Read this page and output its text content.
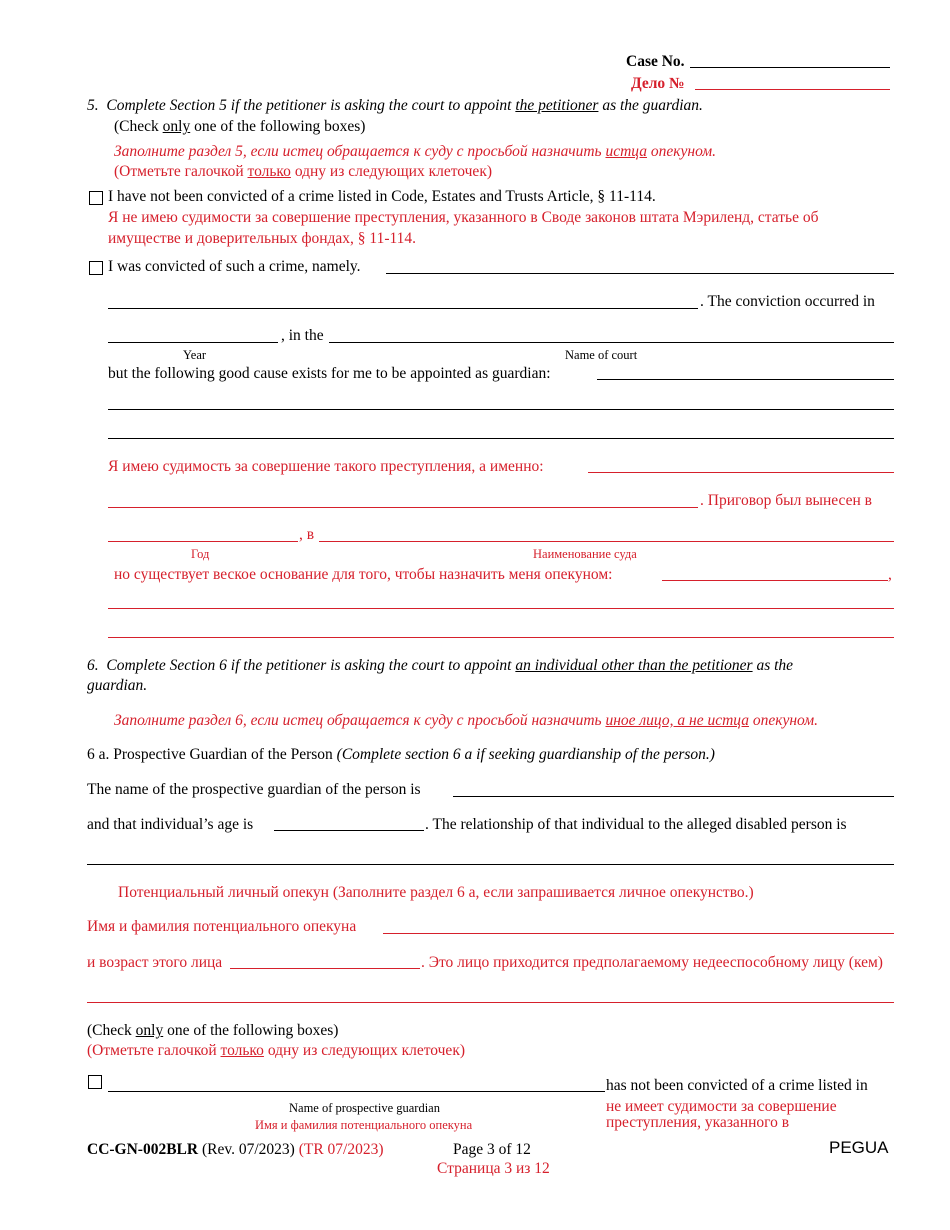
Case No.
Дело №
5. Complete Section 5 if the petitioner is asking the court to appoint the petitioner as the guardian.
(Check only one of the following boxes)
Заполните раздел 5, если истец обращается к суду с просьбой назначить истца опекуном.
(Отметьте галочкой только одну из следующих клеточек)
I have not been convicted of a crime listed in Code, Estates and Trusts Article, § 11-114.
Я не имею судимости за совершение преступления, указанного в Своде законов штата Мэриленд, статье об
имуществе и доверительных фондах, § 11-114.
I was convicted of such a crime, namely.
. The conviction occurred in
, in the
Year	Name of court
but the following good cause exists for me to be appointed as guardian:
Я имею судимость за совершение такого преступления, а именно:
. Приговор был вынесен в
, в
Год	Наименование суда
но существует веское основание для того, чтобы назначить меня опекуном:	,
6. Complete Section 6 if the petitioner is asking the court to appoint an individual other than the petitioner as the
guardian.
Заполните раздел 6, если истец обращается к суду с просьбой назначить иное лицо, а не истца опекуном.
6 a. Prospective Guardian of the Person (Complete section 6 a if seeking guardianship of the person.)
The name of the prospective guardian of the person is
and that individual’s age is	. The relationship of that individual to the alleged disabled person is
Потенциальный личный опекун (Заполните раздел 6 а, если запрашивается личное опекунство.)
Имя и фамилия потенциального опекуна
и возраст этого лица	. Это лицо приходится предполагаемому недееспособному лицу (кем)
(Check only one of the following boxes)
(Отметьте галочкой только одну из следующих клеточек)
has not been convicted of a crime listed in
Name of prospective guardian
Имя и фамилия потенциального опекуна
не имеет судимости за совершение
преступления, указанного в
CC-GN-002BLR (Rev. 07/2023) (TR 07/2023)	Page 3 of 12
Страница 3 из 12
PEGUA
